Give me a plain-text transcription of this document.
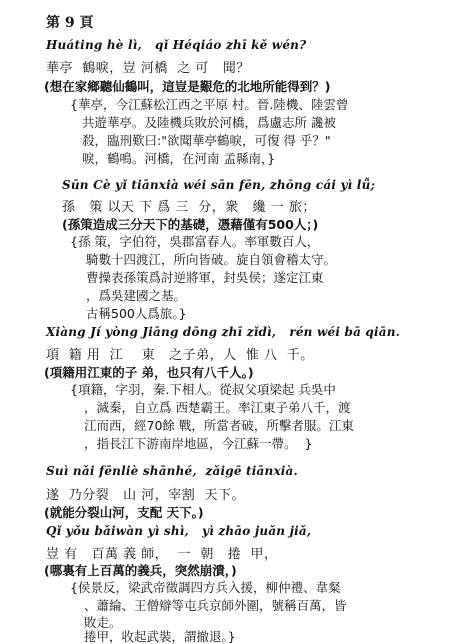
第 9 頁
Huáting hè lì,   qǐ Héqiáo zhī kě wén?
華亭  鶴唳，豈 河橋  之 可   聞？
(想在家鄉聽仙鶴叫，這豈是艱危的北地所能得到？)
{華亭，今江蘇松江西之平原 村。晉.陸機、陸雲曾
共遊華亭。及陸機兵敗於河橋，爲盧志所 讒被
殺，臨刑歎曰:"欲聞華亭鶴唳，可復 得 乎？"
唳，鶴鳴。河橋，在河南 孟縣南，}
Sūn Cè yǐ tiānxià wéi sān fēn, zhōng cái yì lǚ;
孫   策 以天 下 爲 三  分，衆   纔 一 旅；
(孫策造成三分天下的基礎，憑藉僅有500人；)
{孫 策，字伯符，吳郡富春人。率軍數百人，
騎數十四渡江，所向皆破。旋自領會稽太守。
曹操表孫策爲討逆將軍，封吳侯；遂定江東
，爲吳建國之基。
古稱500人爲旅。}
Xiàng Jí yòng Jiāng dōng zhī zǐdì,   rén wéi bā qiān.
項  籍 用  江    東   之子弟，人  惟 八  千。
(項籍用江東的子 弟，也只有八千人。)
{項籍，字羽，秦.下相人。從叔父項梁起 兵吳中
，滅秦，自立爲 西楚霸王。率江東子弟八千，渡
江而西，經70餘 戰，所當者破，所擊者服。江東
，指長江下游南岸地區，今江蘇一帶。  }
Suì nǎi fēnliè shānhé,  zǎigē tiānxià.
遂  乃分裂   山 河，宰割  天下。
(就能分裂山河，支配 天下。)
Qǐ yǒu bǎiwàn yì shì,   yì zhāo juǎn jiǎ,
豈 有   百萬 義 師，  一  朝   捲  甲，
(哪裏有上百萬的義兵，突然崩潰，)
{侯景反，梁武帝徵調四方兵入援，柳仲禮、韋粲
、蕭綸、王僧辯等屯兵京師外圍，號稱百萬，皆
敗走。
捲甲，收起武裝，謂撤退。}
